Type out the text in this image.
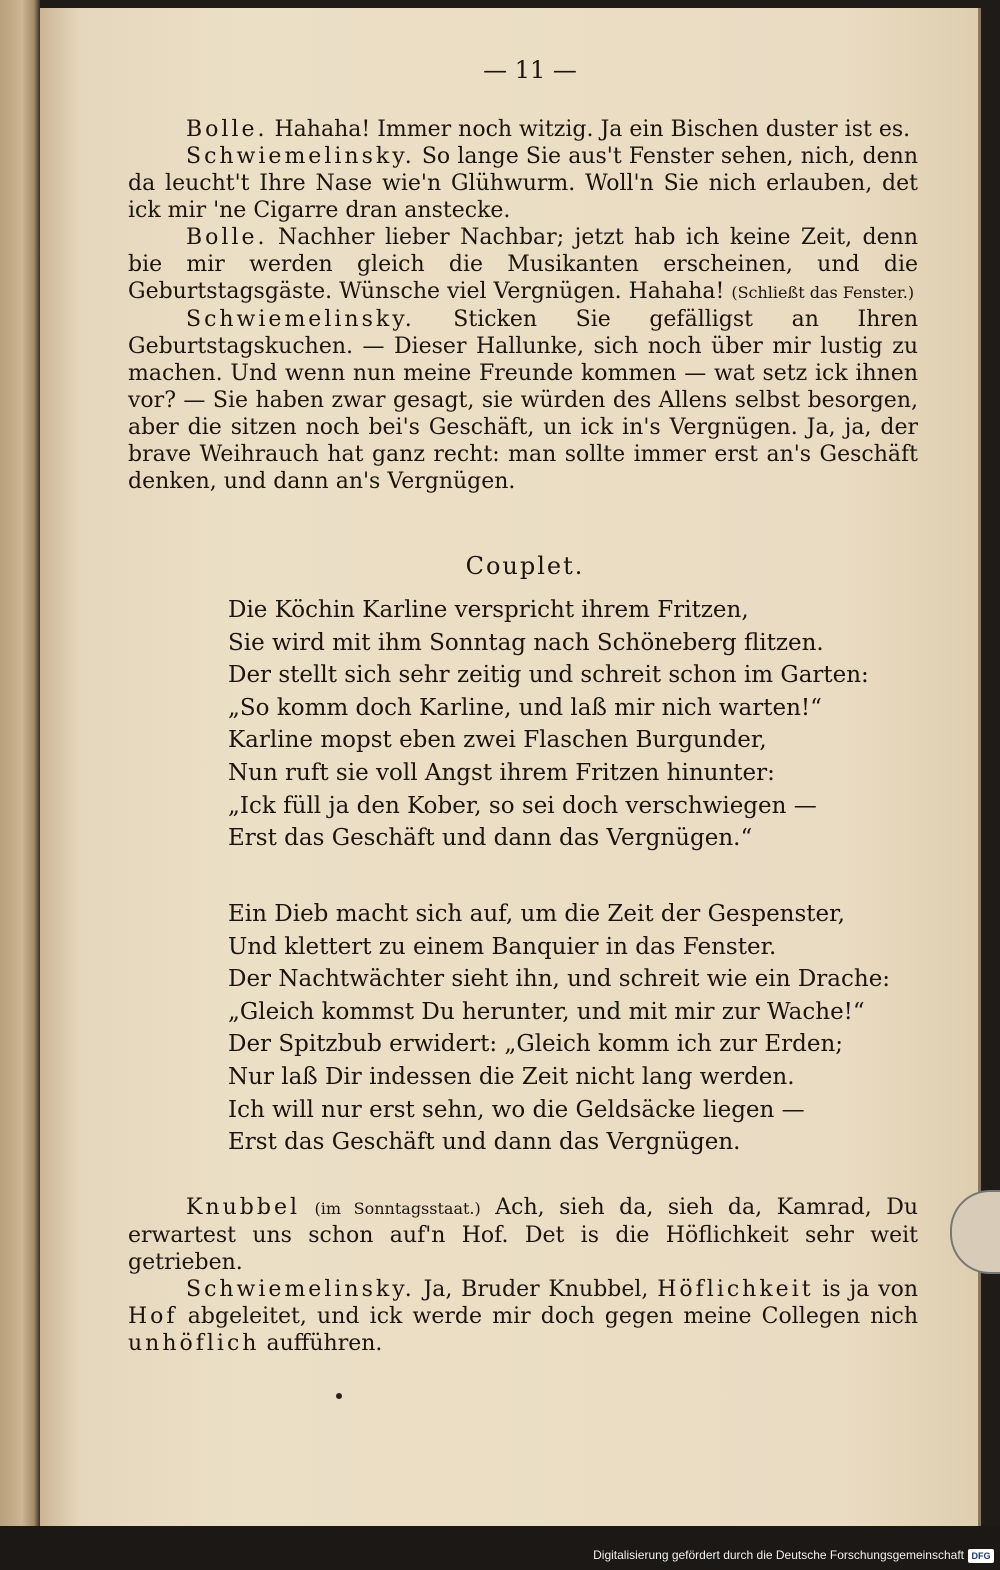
— 11 —

Bolle. Hahaha! Immer noch witzig. Ja ein Bischen duster ist es.

Schwiemelinsky. So lange Sie aus't Fenster sehen, nich, denn da leucht't Ihre Nase wie'n Glühwurm. Woll'n Sie nich erlauben, det ick mir 'ne Cigarre dran anstecke.

Bolle. Nachher lieber Nachbar; jetzt hab ich keine Zeit, denn bie mir werden gleich die Musikanten erscheinen, und die Geburtstagsgäste. Wünsche viel Vergnügen. Hahaha! (Schließt das Fenster.)

Schwiemelinsky. Sticken Sie gefälligst an Ihren Geburtstagskuchen. — Dieser Hallunke, sich noch über mir lustig zu machen. Und wenn nun meine Freunde kommen — wat setz ick ihnen vor? — Sie haben zwar gesagt, sie würden des Allens selbst besorgen, aber die sitzen noch bei's Geschäft, un ick in's Vergnügen. Ja, ja, der brave Weihrauch hat ganz recht: man sollte immer erst an's Geschäft denken, und dann an's Vergnügen.

Couplet.
Die Köchin Karline verspricht ihrem Fritzen,
Sie wird mit ihm Sonntag nach Schöneberg flitzen.
Der stellt sich sehr zeitig und schreit schon im Garten:
„So komm doch Karline, und laß mir nich warten!“
Karline mopst eben zwei Flaschen Burgunder,
Nun ruft sie voll Angst ihrem Fritzen hinunter:
„Ick füll ja den Kober, so sei doch verschwiegen —
Erst das Geschäft und dann das Vergnügen.“
Ein Dieb macht sich auf, um die Zeit der Gespenster,
Und klettert zu einem Banquier in das Fenster.
Der Nachtwächter sieht ihn, und schreit wie ein Drache:
„Gleich kommst Du herunter, und mit mir zur Wache!“
Der Spitzbub erwidert: „Gleich komm ich zur Erden;
Nur laß Dir indessen die Zeit nicht lang werden.
Ich will nur erst sehn, wo die Geldsäcke liegen —
Erst das Geschäft und dann das Vergnügen.

Knubbel (im Sonntagsstaat.) Ach, sieh da, sieh da, Kamrad, Du erwartest uns schon auf'n Hof. Det is die Höflichkeit sehr weit getrieben.

Schwiemelinsky. Ja, Bruder Knubbel, Höflichkeit is ja von Hof abgeleitet, und ick werde mir doch gegen meine Collegen nich unhöflich aufführen.

Digitalisierung gefördert durch die Deutsche Forschungsgemeinschaft DFG
